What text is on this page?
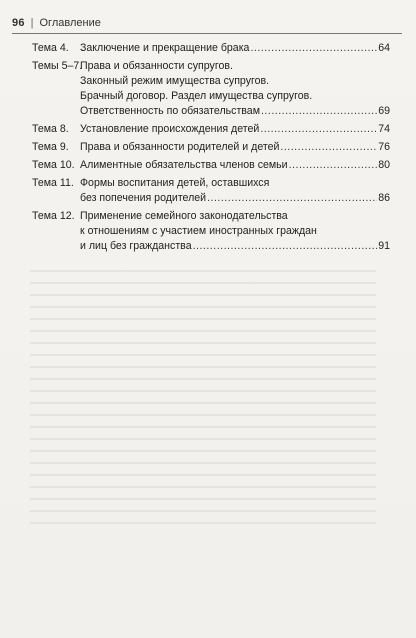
96 | Оглавление
Тема 4.	Заключение и прекращение брака .....	64
Темы 5–7.
Права и обязанности супругов.
Законный режим имущества супругов.
Брачный договор. Раздел имущества супругов.
Ответственность по обязательствам .....	69
Тема 8.	Установление происхождения детей .....	74
Тема 9.	Права и обязанности родителей и детей .....	76
Тема 10. Алиментные обязательства членов семьи .....	80
Тема 11. Формы воспитания детей, оставшихся
без попечения родителей .....	86
Тема 12. Применение семейного законодательства
к отношениям с участием иностранных граждан
и лиц без гражданства .....	91
